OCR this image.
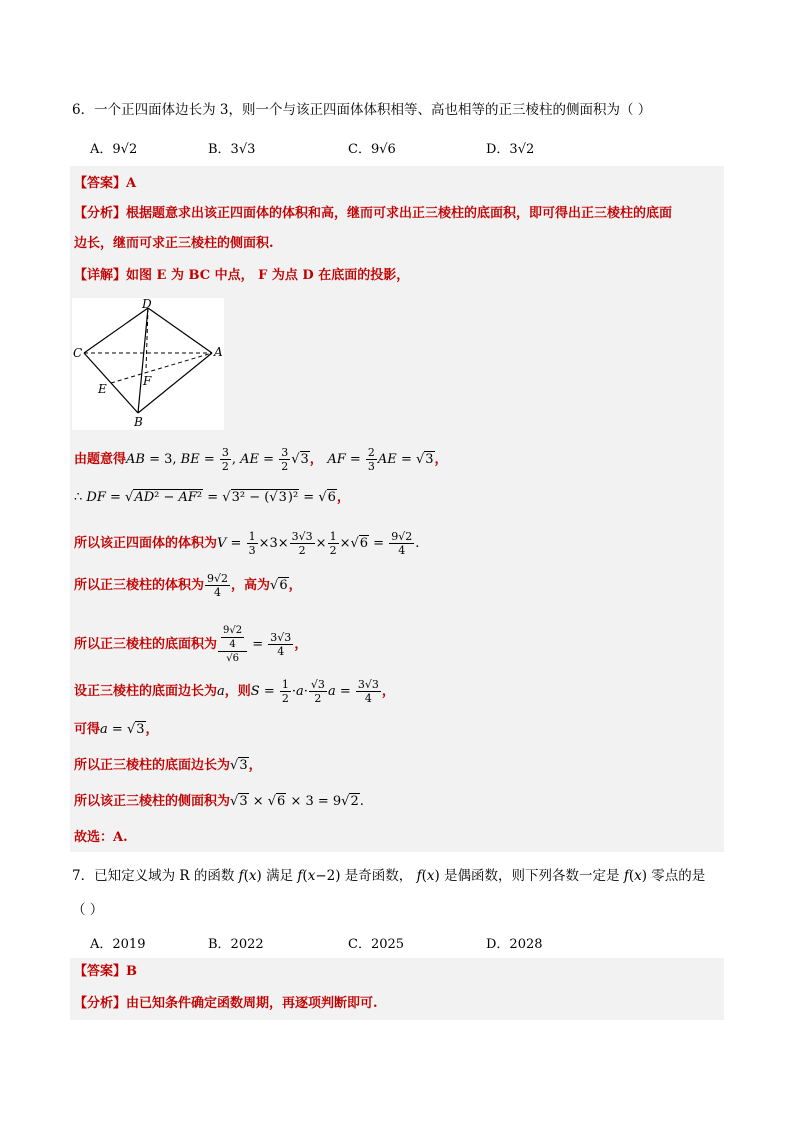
6．一个正四面体边长为 3，则一个与该正四面体体积相等、高也相等的正三棱柱的侧面积为（ ）
A．9√2	B．3√3	C．9√6	D．3√2
【答案】A
【分析】根据题意求出该正四面体的体积和高，继而可求出正三棱柱的底面积，即可得出正三棱柱的底面
边长，继而可求正三棱柱的侧面积.
【详解】如图 E 为 BC 中点， F 为点 D 在底面的投影，
D
C	A
E
F
B
由题意得AB = 3, BE = $\frac{3}{2}$ , AE = $\frac{3}{2} √3$， AF = $\frac{2}{3}$ AE = √3，
∴ DF = √AD² − AF² = √3² − (√3)² = √6，
所以该正四面体的体积为$V = \frac{1}{3} \times 3\times \frac{3√3}{2} \times \frac{1}{2} \times√6 = \frac{9√2}{4}$ .
所以正三棱柱的体积为 $\frac{9√2}{4}$ ，高为√6，
所以正三棱柱的底面积为 $\frac{\frac{9√2}{4}}{√6} = \frac{3√3}{4}$ ，
设正三棱柱的底面边长为a，则$S = \frac{1}{2} \cdot a\cdot \frac{√3}{2}$ $a = \frac{3√3}{4}$ ，
可得a = √3，
所以正三棱柱的底面边长为√3，
所以该正三棱柱的侧面积为√3 × √6 × 3 = 9√2.
故选：A.
7．已知定义域为 R 的函数 f(x) 满足 f(x−2) 是奇函数， f(x) 是偶函数，则下列各数一定是 f(x) 零点的是
（ ）
A．2019	B．2022	C．2025	D．2028
【答案】B
【分析】由已知条件确定函数周期，再逐项判断即可.
